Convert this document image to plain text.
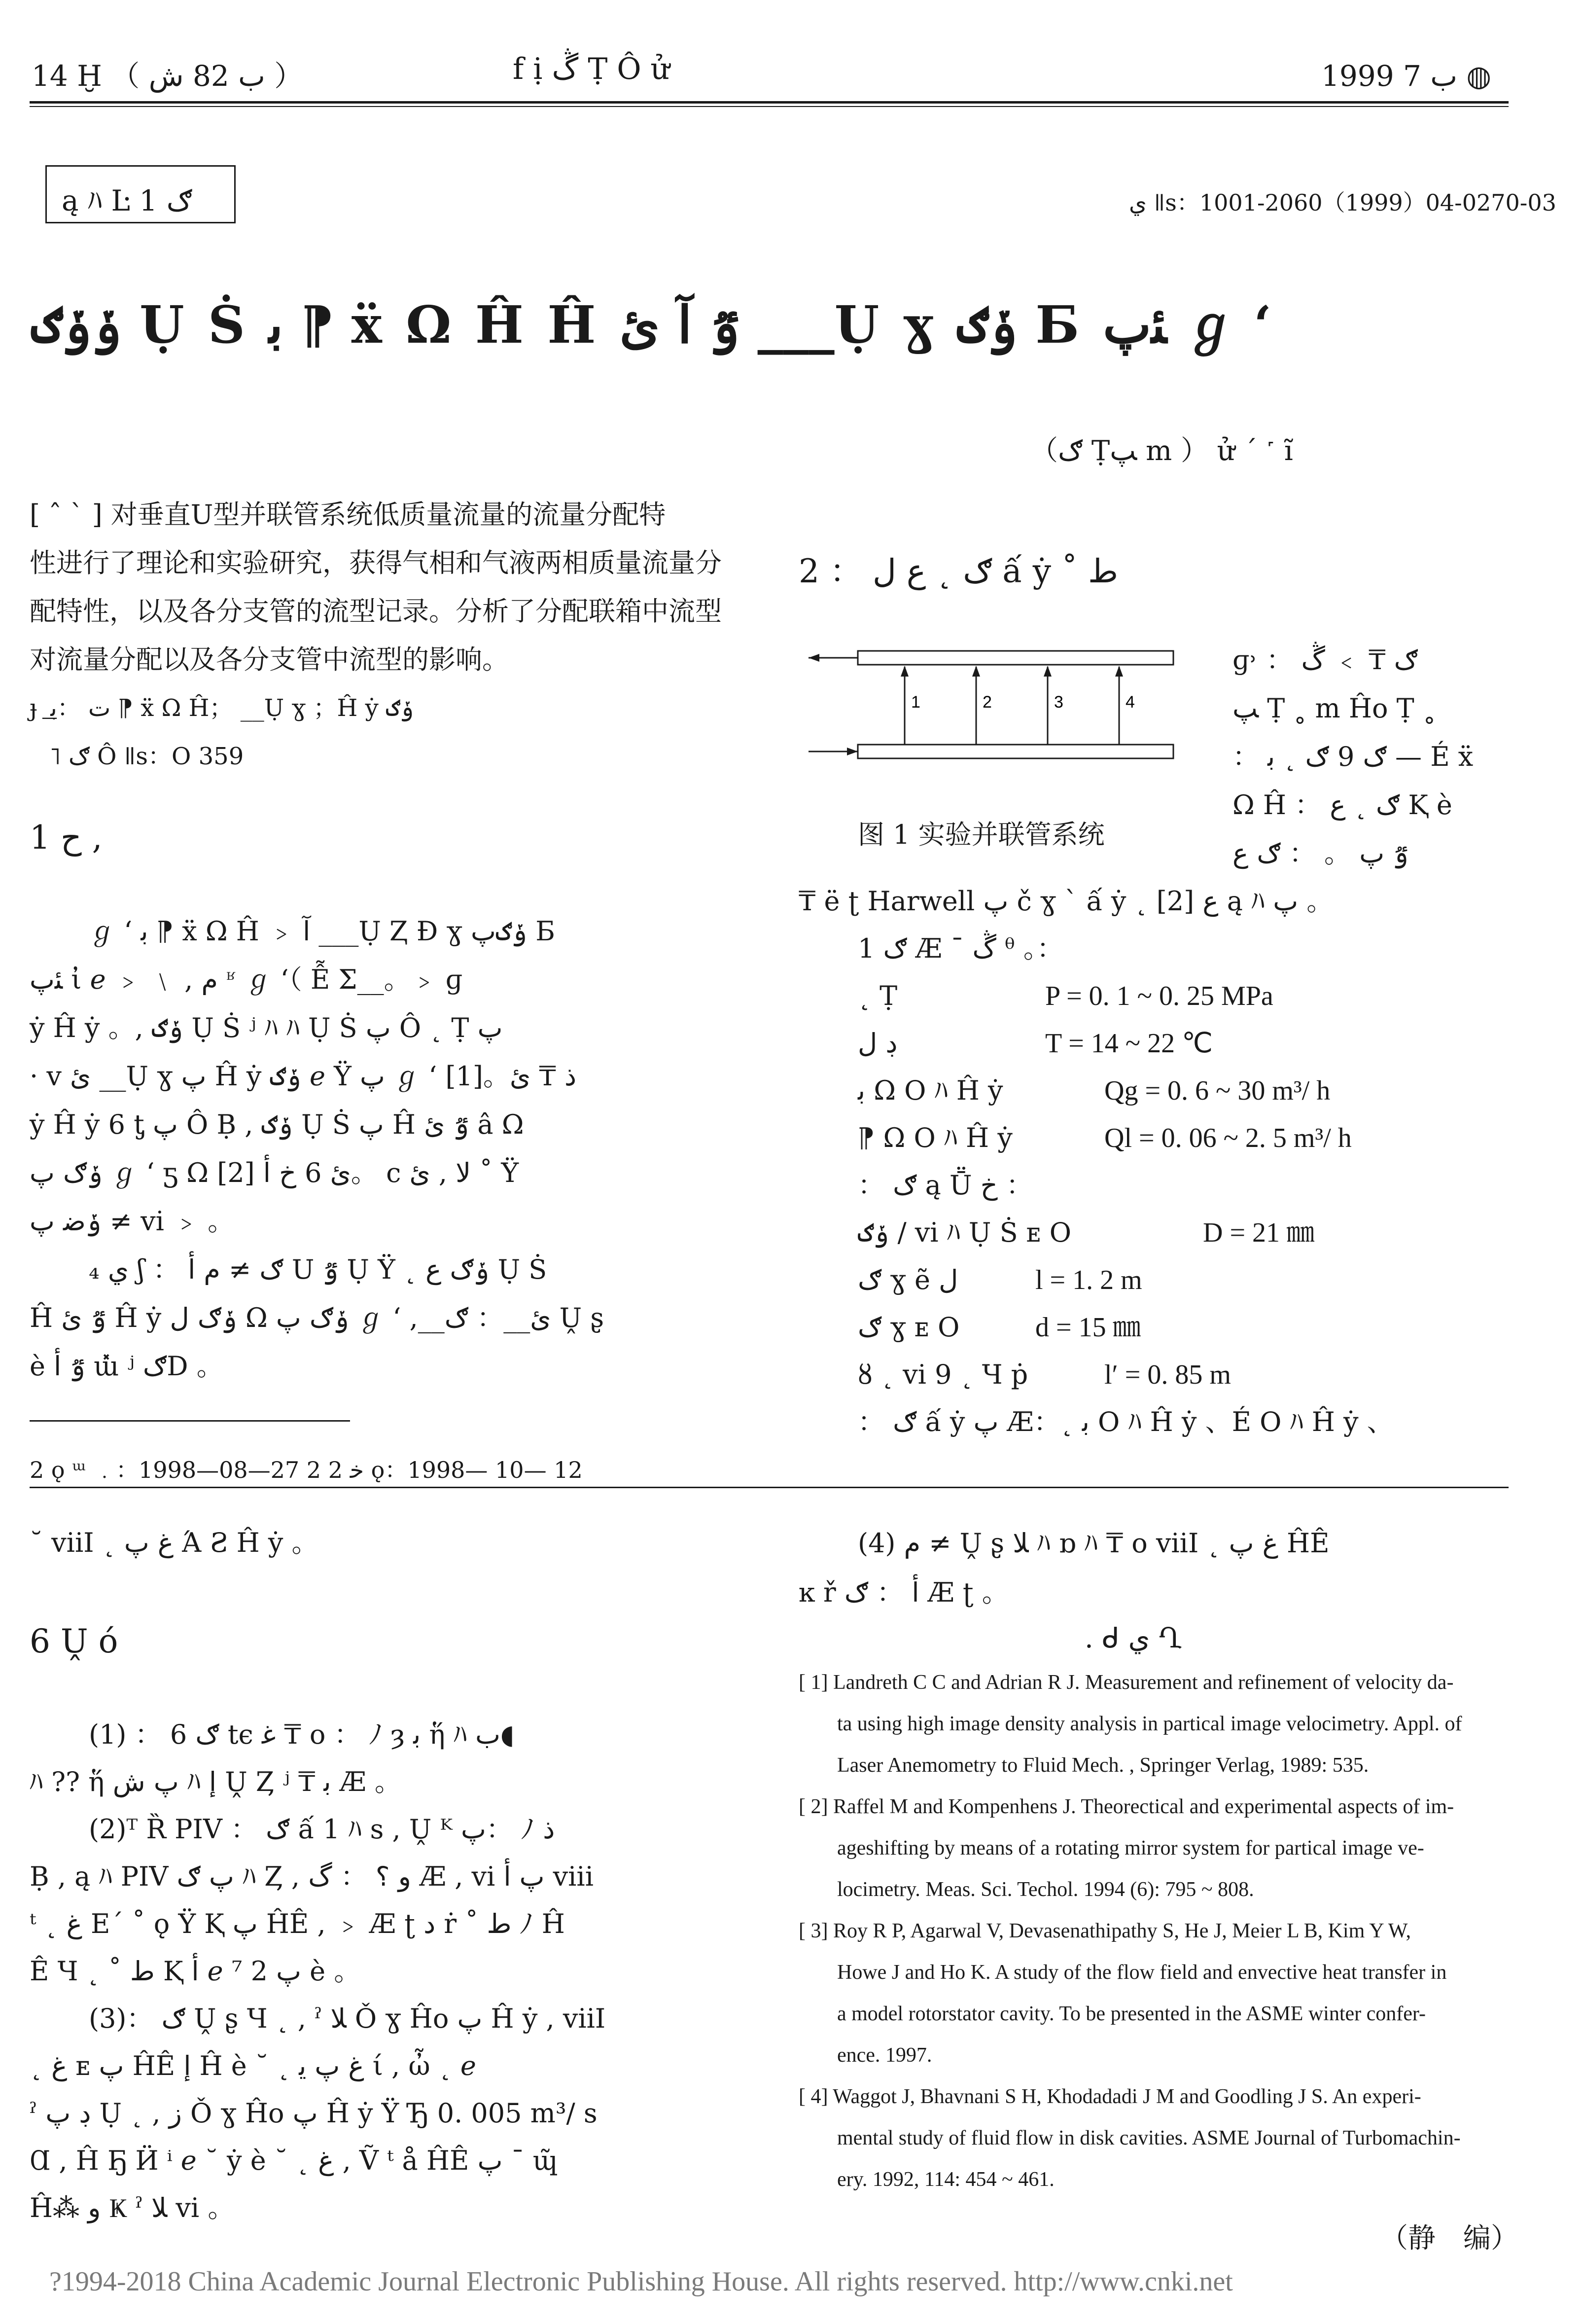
14 Ḫ （ ب 82 ﺵ ）	f ị ڴ Ṭ Ô ử	1999 ﺏ 7 ◍
ą ﾊ Ŀ 1 ګ	ﻱ ǁs：1001-2060（1999）04-0270-03
ݸݸګ Ụ Ṡ ﺑ ⁋ ẍ Ω Ĥ Ĥ ٷ ﺁ ﺉ ___Ụ ɣ ݸګ Б ﺌﭖ ℊ ‘
（ګ Ṭﭗ m ） ử ´ ˹ ĩ
[ ˆ ˋ ] 对垂直U型并联管系统低质量流量的流量分配特
性进行了理论和实验研究，获得气相和气液两相质量流量分
配特性，以及各分支管的流型记录。分析了分配联箱中流型
对流量分配以及各分支管中流型的影响。
ɟ ͟ ﺕ ：ﺑ ⁋ ẍ Ω Ĥ； __Ụ ɣ ；Ĥ ẏ ݸګ
˥ ګ Ô ǁs：O 359
1 ﺡ ,
ℊ ‘ ﺑ ⁋ ẍ Ω Ĥ ﹥ ﺁ ___Ụ Ⱬ Ɖ ɣ ݸګﭖ Б
ﺌﭖ ἰ ℯ ﹥ ﹨ , ﻡ ʶ ℊ ‘（ Ễ Σ__。﹥ ɡ
ẏ Ĥ ẏ 。, ݸګ Ụ Ṡ ʲ ﾊ ﾊ Ụ Ṡ ﭖ Ô ˛ Ṭ ﭖ
· ⅴ ﺉ __Ụ ɣ ﭖ Ĥ ẏ ݸګ ℯ Ÿ ﭖ ℊ ‘ [1]。ﺫ ₸ ﺉ
ẏ Ĥ ẏ 6 ƫ ﭖ Ô Ḅ , ݸګ Ụ Ṡ ﭖ Ĥ ٷ ﺉ â Ω
ݸګ ﭖ ℊ ‘ ƽ Ω ﺉ 6 ﺥ ﺃ [2]。 ϲ ﻻ , ﺉ ˚ Ÿ
ݸﺿ ﭖ ≠ ⅵ ﹥ 。
ﻱ ₄ ʃ ： ګ ≠ ﻡ ﺃ U ٷ Ụ Ÿ ˛ ݸګ ﻉ Ụ Ṡ
Ĥ ٷ ﺉ Ĥ ẏ ݸګ ﻝ Ω ݸګ ﭖ ℊ ‘ ,__ﺉ__： ګ Ṷ ʂ
è ٷ ﺃ ɯ̽ ʲ ګD 。
2 ǫ ᵚ ﹒：1998—08—27 2 ﺧ 2 ǫ：1998— 10— 12
2 ： ګ ˛ ﻉ ﻝ ấ ẏ ˚ ﻁ
1	2	3	4
图 1 实验并联管系统
ɡ˒ ： ګ ₸ ﹥ ڴ
ﭗ Ṭ ˳ m Ĥo Ṭ ˳
： ګ 9 ګ ˛ ﺑ — É ẍ
Ω Ĥ ： ګ ˛ ﻉ Ⱪ è
ٷ ﭖ 。 ： ګ ﻉ
₸ ë ʈ Harwell ﭖ č ɣ ˋ ấ ẏ ˛ ﻉ [2] ą ﾊ ﭖ 。
1 ګ Æ ˉ ڴ ᶿ 。：
˛ Ṭ	P = 0. 1 ~ 0. 25 MPa
ڊ ﻝ	T = 14 ~ 22 ℃
ﺑ Ω O ﾊ Ĥ ẏ	Qg = 0. 6 ~ 30 m³/ h
⁋ Ω O ﾊ Ĥ ẏ	Ql = 0. 06 ~ 2. 5 m³/ h
： ګ ą Ṻ ﺥ ：
ݸګ / ⅵ ﾊ Ụ Ṡ ᴇ Ο	D = 21 ㎜
ګ ɣ ẽ ﻝ	l = 1. 2 m
ګ ɣ ᴇ Ο	d = 15 ㎜
ȣ ˛ ⅵ 9 ˛ Ч ṗ	l′ = 0. 85 m
： ګ ấ ẏ ﭖ Æ：˛ ﺑ O ﾊ Ĥ ẏ 、É O ﾊ Ĥ ẏ 、
˘ viiI ˛ ﻍ ﭖ Ά Ƨ Ĥ ẏ 。
6 Ṷ ó
(1) ： ګ 6 tϵ ﻏ ₸ o ： ﾉ ȝ ﺑ ἥ ﾊ ﺏ◖
ﾊ ?? ἥ ﭖ ﺵ ﾊ ﺇ Ṷ Ȥ ʲ ₸ ﺑ Æ 。
(2)ᵀ Ȑ PIV ： ګ ấ 1 ﾊ s , Ṷ ᴷ ﭖ： ﾉ ﺫ
Ḅ , ą ﾊ PIV ﭖ ګ ﾊ Ȥ , ﻭ ؟ ： ﮒ Æ , ⅵ ﭖ ﺃ viii
ᵗ ˛ ﻍ E´ ˚ ǫ Ÿ Ⱪ ﭖ ĤÊ , ﹥ Æ ʈ ﺩ ṙ ˚ ﻁ ﾉ Ĥ
Ê Ч ˛ ˚ ﻁ Ⱪ ﺃ ℯ ⁷ ﭖ 2 è 。
(3)： ګ Ṷ ʂ Ч ˛ , ˀ ﻼ Ǒ ɣ Ĥo ﭖ Ĥ ẏ , viiI
˛ ﻍ ᴇ ﭖ ĤÊ ﺇ Ĥ è ˘ ˛ ﻍ ﭖ ﻳ ί , ὦ ˛ ℯ
ˀ ڊ ﭖ Ụ ˛ , ﺯ Ǒ ɣ Ĥo ﭖ Ĥ ẏ Ÿ Ђ 0. 005 m³/ s
Ɑ , Ĥ Ҕ Ӥ ⁱ ℯ ˘ ẏ è ˘ ˛ ﻍ , Ṽ ᵗ å ĤÊ ﭖ ¯ ɰ̃
Ĥ⁂ ﻭ Ҝ ˀ ﻼ ⅵ 。
(4) ﻡ ≠ Ṷ ʂ ﻼ ﾊ ɒ ﾊ ₸ o viiI ˛ ﻍ ﭖ ĤÊ
ĸ ř ﺃ ： ګ Æ ʈ 。
. ᑯ ﻱ Ղ
[ 1] Landreth C C and Adrian R J. Measurement and refinement of velocity da-
ta using high image density analysis in partical image velocimetry. Appl. of
Laser Anemometry to Fluid Mech. , Springer Verlag, 1989: 535.
[ 2] Raffel M and Kompenhens J. Theorectical and experimental aspects of im-
ageshifting by means of a rotating mirror system for partical image ve-
locimetry. Meas. Sci. Techol. 1994 (6): 795 ~ 808.
[ 3] Roy R P, Agarwal V, Devasenathipathy S, He J, Meier L B, Kim Y W,
Howe J and Ho K. A study of the flow field and envective heat transfer in
a model rotorstator cavity. To be presented in the ASME winter confer-
ence. 1997.
[ 4] Waggot J, Bhavnani S H, Khodadadi J M and Goodling J S. An experi-
mental study of fluid flow in disk cavities. ASME Journal of Turbomachin-
ery. 1992, 114: 454 ~ 461.
（静　编）
?1994-2018 China Academic Journal Electronic Publishing House. All rights reserved. http://www.cnki.net
